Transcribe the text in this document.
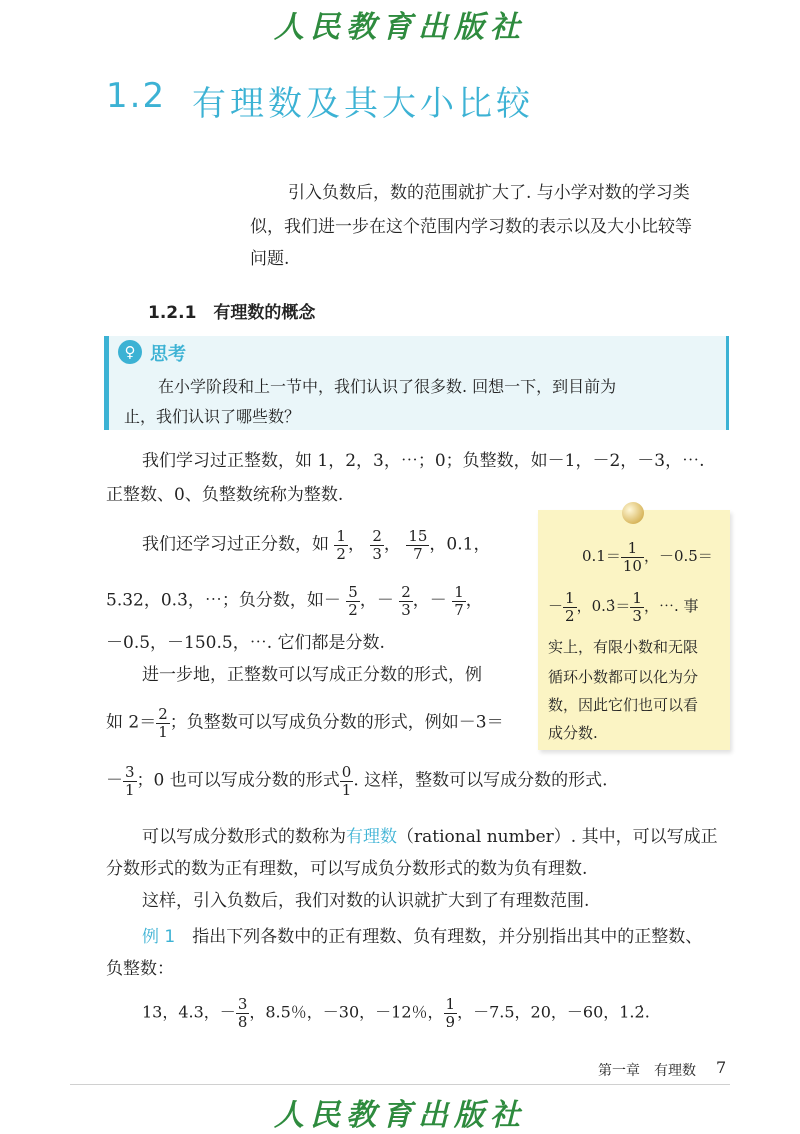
人民教育出版社
1.2 有理数及其大小比较
引入负数后，数的范围就扩大了. 与小学对数的学习类
似，我们进一步在这个范围内学习数的表示以及大小比较等
问题.
1.2.1　有理数的概念
♀ 思考
在小学阶段和上一节中，我们认识了很多数. 回想一下，到目前为
止，我们认识了哪些数？
我们学习过正整数，如 1，2，3，⋯；0；负整数，如－1，－2，－3，⋯.
正整数、0、负整数统称为整数.
我们还学习过正分数，如 $\frac{1}{2}$ ， $\frac{2}{3}$ ， $\frac{15}{7}$ ，0.1，
5.32，0.3̇，⋯；负分数，如－ $\frac{5}{2}$ ，－ $\frac{2}{3}$ ，－ $\frac{1}{7}$ ，
－0.5，－150.5，⋯. 它们都是分数.
进一步地，正整数可以写成正分数的形式，例
如 $2= \frac{2}{1}$ ；负整数可以写成负分数的形式，例如－3＝
－ $\frac{3}{1}$ ；0 也可以写成分数的形式 $\frac{0}{1}$ . 这样，整数可以写成分数的形式.
$0.1= \frac{1}{10}$ ，－0.5＝
－ $\frac{1}{2}$ ，0.3̇＝ $\frac{1}{3}$ ，⋯. 事
实上，有限小数和无限
循环小数都可以化为分
数，因此它们也可以看
成分数.
可以写成分数形式的数称为有理数（rational number）. 其中，可以写成正
分数形式的数为正有理数，可以写成负分数形式的数为负有理数.
这样，引入负数后，我们对数的认识就扩大到了有理数范围.
例 1　 指出下列各数中的正有理数、负有理数，并分别指出其中的正整数、
负整数：
13，4.3，－ $\frac{3}{8}$ ，8.5％，－30，－12％， $\frac{1}{9}$ ，－7.5，20，－60，1.2̇.
第一章　有理数 7
人民教育出版社
